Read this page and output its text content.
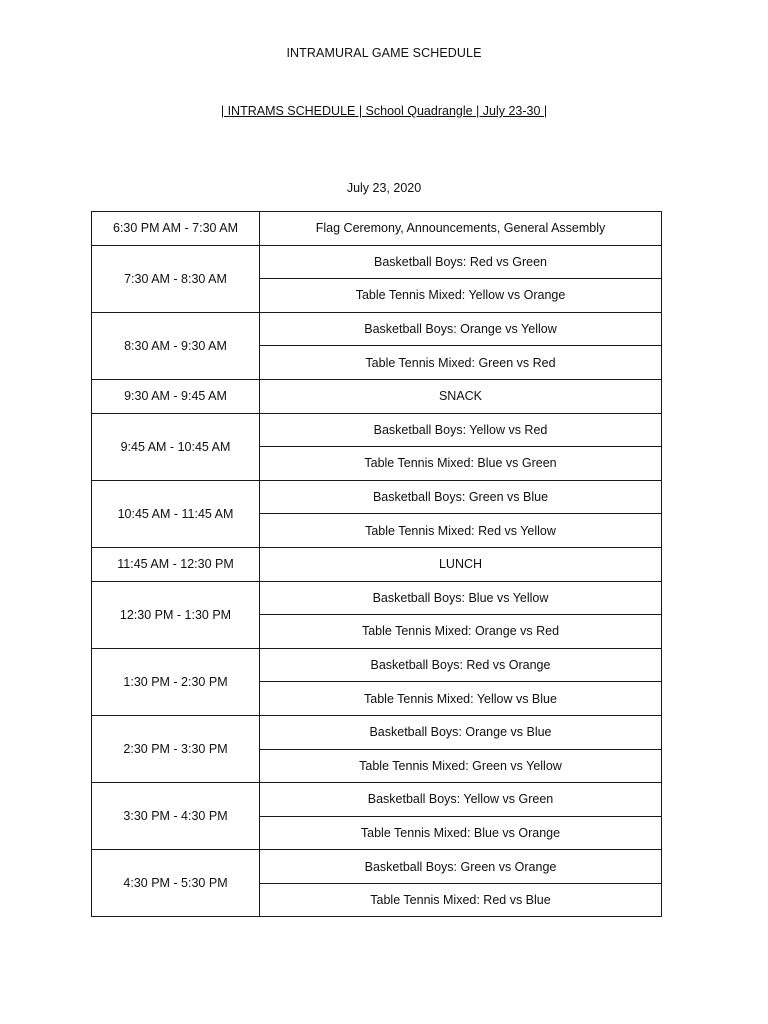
INTRAMURAL GAME SCHEDULE
| INTRAMS SCHEDULE | School Quadrangle | July 23-30 |
July 23, 2020
6:30 PM AM - 7:30 AM	Flag Ceremony, Announcements, General Assembly
7:30 AM - 8:30 AM	Basketball Boys: Red vs Green
	Table Tennis Mixed: Yellow vs Orange
8:30 AM - 9:30 AM	Basketball Boys: Orange vs Yellow
	Table Tennis Mixed: Green vs Red
9:30 AM - 9:45 AM	SNACK
9:45 AM - 10:45 AM	Basketball Boys: Yellow vs Red
	Table Tennis Mixed: Blue vs Green
10:45 AM - 11:45 AM	Basketball Boys: Green vs Blue
	Table Tennis Mixed: Red vs Yellow
11:45 AM - 12:30 PM	LUNCH
12:30 PM - 1:30 PM	Basketball Boys: Blue vs Yellow
	Table Tennis Mixed: Orange vs Red
1:30 PM - 2:30 PM	Basketball Boys: Red vs Orange
	Table Tennis Mixed: Yellow vs Blue
2:30 PM - 3:30 PM	Basketball Boys: Orange vs Blue
	Table Tennis Mixed: Green vs Yellow
3:30 PM - 4:30 PM	Basketball Boys: Yellow vs Green
	Table Tennis Mixed: Blue vs Orange
4:30 PM - 5:30 PM	Basketball Boys: Green vs Orange
	Table Tennis Mixed: Red vs Blue
